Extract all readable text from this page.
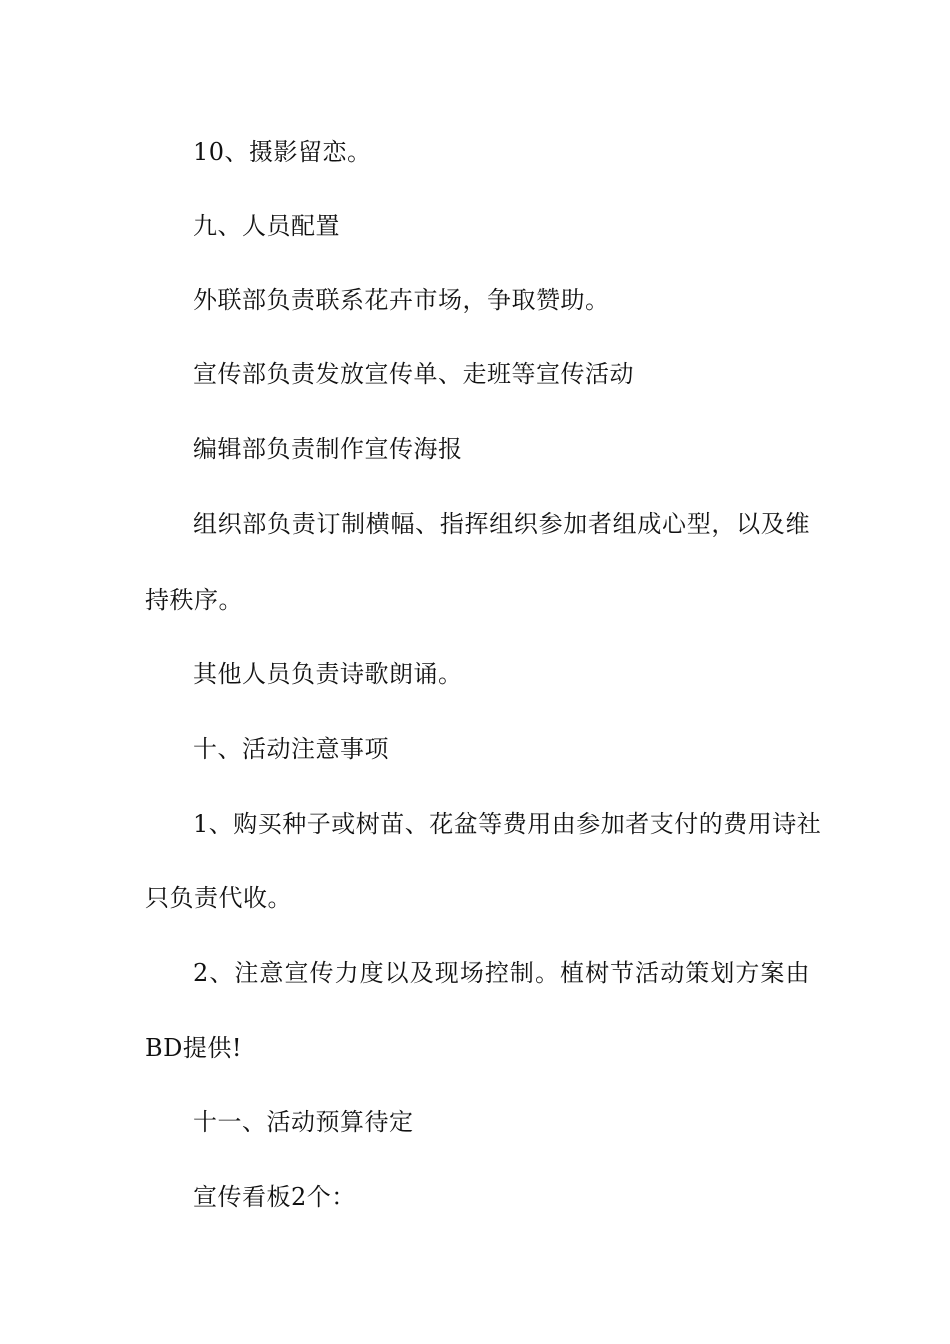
10、摄影留恋。
九、人员配置
外联部负责联系花卉市场，争取赞助。
宣传部负责发放宣传单、走班等宣传活动
编辑部负责制作宣传海报
组织部负责订制横幅、指挥组织参加者组成心型，以及维
持秩序。
其他人员负责诗歌朗诵。
十、活动注意事项
1、购买种子或树苗、花盆等费用由参加者支付的费用诗社
只负责代收。
2、注意宣传力度以及现场控制。植树节活动策划方案由
BD提供!
十一、活动预算待定
宣传看板2个：
